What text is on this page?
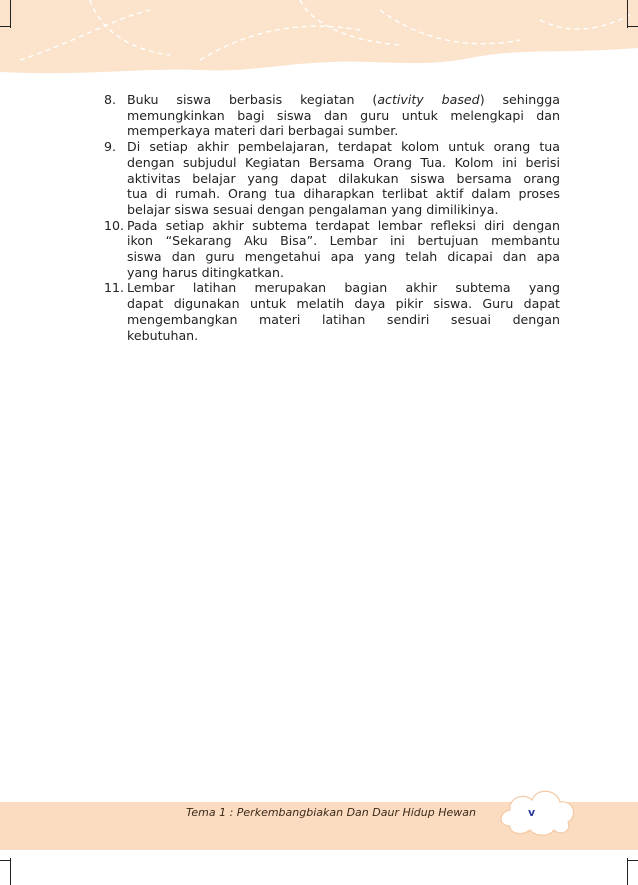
8. Buku siswa berbasis kegiatan (activity based) sehingga
memungkinkan bagi siswa dan guru untuk melengkapi dan
memperkaya materi dari berbagai sumber.
9. Di setiap akhir pembelajaran, terdapat kolom untuk orang tua
dengan subjudul Kegiatan Bersama Orang Tua. Kolom ini berisi
aktivitas belajar yang dapat dilakukan siswa bersama orang
tua di rumah. Orang tua diharapkan terlibat aktif dalam proses
belajar siswa sesuai dengan pengalaman yang dimilikinya.
10. Pada setiap akhir subtema terdapat lembar refleksi diri dengan
ikon “Sekarang Aku Bisa”. Lembar ini bertujuan membantu
siswa dan guru mengetahui apa yang telah dicapai dan apa
yang harus ditingkatkan.
11. Lembar latihan merupakan bagian akhir subtema yang
dapat digunakan untuk melatih daya pikir siswa. Guru dapat
mengembangkan materi latihan sendiri sesuai dengan
kebutuhan.
Tema 1 : Perkembangbiakan Dan Daur Hidup Hewan	v
